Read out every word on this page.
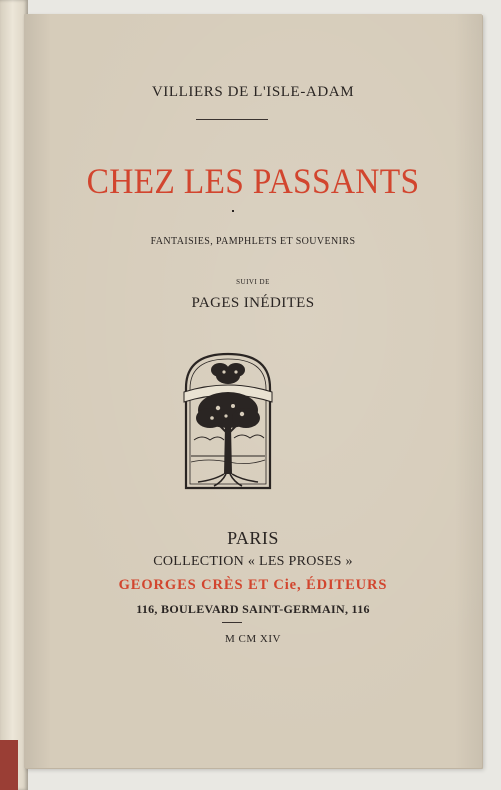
VILLIERS DE L'ISLE-ADAM
CHEZ LES PASSANTS
FANTAISIES, PAMPHLETS ET SOUVENIRS
SUIVI DE
PAGES INÉDITES
PARIS
COLLECTION « LES PROSES »
GEORGES CRÈS ET Cie, ÉDITEURS
116, BOULEVARD SAINT-GERMAIN, 116
M CM XIV
